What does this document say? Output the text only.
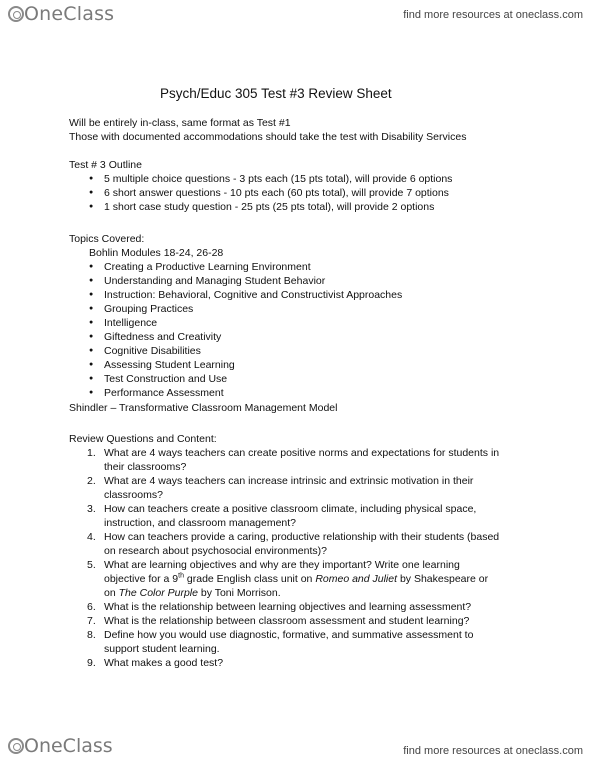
OneClass	find more resources at oneclass.com
Psych/Educ 305 Test #3 Review Sheet
Will be entirely in-class, same format as Test #1
Those with documented accommodations should take the test with Disability Services
Test # 3 Outline
● 5 multiple choice questions - 3 pts each (15 pts total), will provide 6 options
● 6 short answer questions - 10 pts each (60 pts total), will provide 7 options
● 1 short case study question - 25 pts (25 pts total), will provide 2 options
Topics Covered:
Bohlin Modules 18-24, 26-28
● Creating a Productive Learning Environment
● Understanding and Managing Student Behavior
● Instruction: Behavioral, Cognitive and Constructivist Approaches
● Grouping Practices
● Intelligence
● Giftedness and Creativity
● Cognitive Disabilities
● Assessing Student Learning
● Test Construction and Use
● Performance Assessment
Shindler – Transformative Classroom Management Model
Review Questions and Content:
1. What are 4 ways teachers can create positive norms and expectations for students in their classrooms?
2. What are 4 ways teachers can increase intrinsic and extrinsic motivation in their classrooms?
3. How can teachers create a positive classroom climate, including physical space, instruction, and classroom management?
4. How can teachers provide a caring, productive relationship with their students (based on research about psychosocial environments)?
5. What are learning objectives and why are they important? Write one learning objective for a 9th grade English class unit on Romeo and Juliet by Shakespeare or on The Color Purple by Toni Morrison.
6. What is the relationship between learning objectives and learning assessment?
7. What is the relationship between classroom assessment and student learning?
8. Define how you would use diagnostic, formative, and summative assessment to support student learning.
9. What makes a good test?
OneClass	find more resources at oneclass.com
